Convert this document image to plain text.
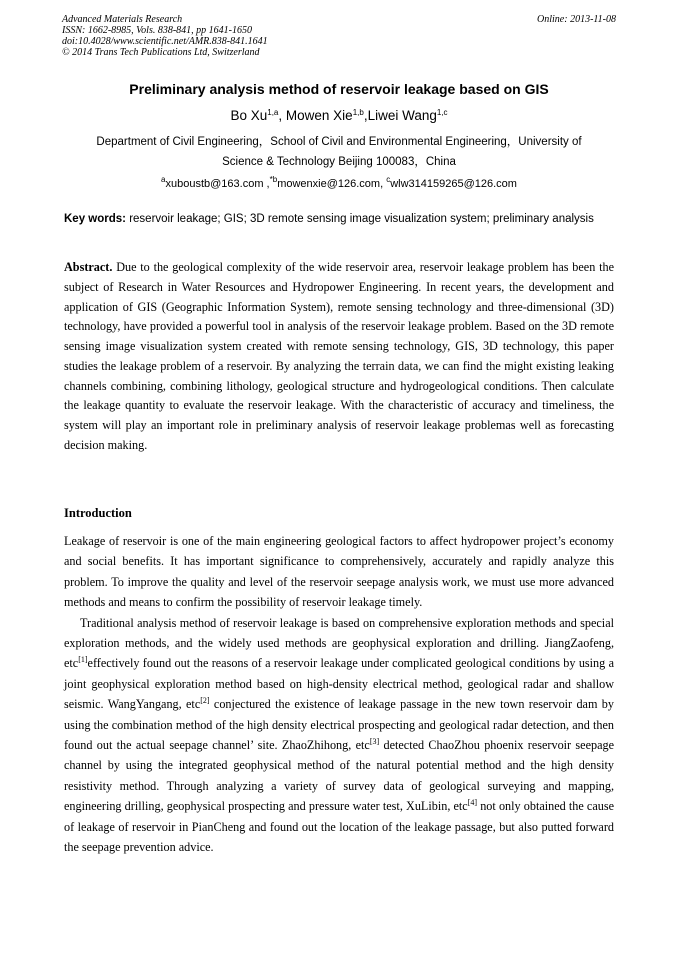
Advanced Materials Research
ISSN: 1662-8985, Vols. 838-841, pp 1641-1650
doi:10.4028/www.scientific.net/AMR.838-841.1641
© 2014 Trans Tech Publications Ltd, Switzerland
Online: 2013-11-08
Preliminary analysis method of reservoir leakage based on GIS
Bo Xu$^{1,a}$, Mowen Xie$^{1,b}$,Liwei Wang$^{1,c}$
Department of Civil Engineering，School of Civil and Environmental Engineering，University of
Science & Technology Beijing 100083，China
$^a$xuboustb@163.com ,$^{*b}$mowenxie@126.com, $^c$wlw314159265@126.com
Key words: reservoir leakage; GIS; 3D remote sensing image visualization system; preliminary analysis
Abstract. Due to the geological complexity of the wide reservoir area, reservoir leakage problem has been the subject of Research in Water Resources and Hydropower Engineering. In recent years, the development and application of GIS (Geographic Information System), remote sensing technology and three-dimensional (3D) technology, have provided a powerful tool in analysis of the reservoir leakage problem. Based on the 3D remote sensing image visualization system created with remote sensing technology, GIS, 3D technology, this paper studies the leakage problem of a reservoir. By analyzing the terrain data, we can find the might existing leaking channels combining, combining lithology, geological structure and hydrogeological conditions. Then calculate the leakage quantity to evaluate the reservoir leakage. With the characteristic of accuracy and timeliness, the system will play an important role in preliminary analysis of reservoir leakage problemas well as forecasting decision making.
Introduction

Leakage of reservoir is one of the main engineering geological factors to affect hydropower project’s economy and social benefits. It has important significance to comprehensively, accurately and rapidly analyze this problem. To improve the quality and level of the reservoir seepage analysis work, we must use more advanced methods and means to confirm the possibility of reservoir leakage timely.

Traditional analysis method of reservoir leakage is based on comprehensive exploration methods and special exploration methods, and the widely used methods are geophysical exploration and drilling. JiangZaofeng, etc[1]effectively found out the reasons of a reservoir leakage under complicated geological conditions by using a joint geophysical exploration method based on high-density electrical method, geological radar and shallow seismic. WangYangang, etc[2] conjectured the existence of leakage passage in the new town reservoir dam by using the combination method of the high density electrical prospecting and geological radar detection, and then found out the actual seepage channel’ site. ZhaoZhihong, etc[3] detected ChaoZhou phoenix reservoir seepage channel by using the integrated geophysical method of the natural potential method and the high density resistivity method. Through analyzing a variety of survey data of geological surveying and mapping, engineering drilling, geophysical prospecting and pressure water test, XuLibin, etc[4] not only obtained the cause of leakage of reservoir in PianCheng and found out the location of the leakage passage, but also putted forward the seepage prevention advice.
